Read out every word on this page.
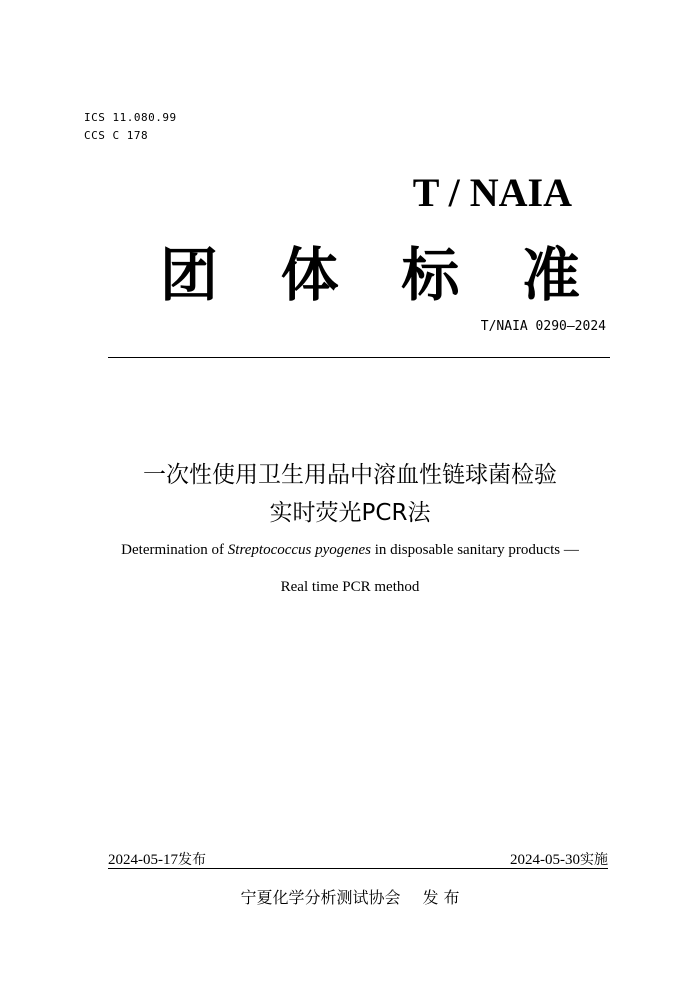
ICS 11.080.99
CCS C 178
T / NAIA
团 体 标 准
T/NAIA 0290—2024
一次性使用卫生用品中溶血性链球菌检验
实时荧光PCR法
Determination of Streptococcus pyogenes in disposable sanitary products —
Real time PCR method
2024-05-17发布	2024-05-30实施
宁夏化学分析测试协会 发 布
